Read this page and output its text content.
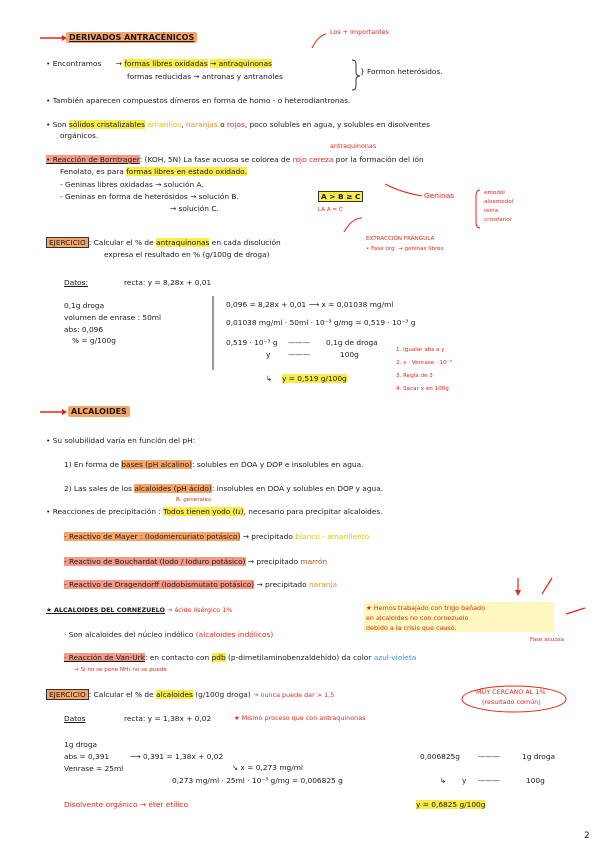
DERIVADOS ANTRACÉNICOS
Los + importantes
• Encontramos → formas libres oxidadas → antraquinonas
formas reducidas → antronas y antranoles
} Formon heterósidos.
• También aparecen compuestos dímeros en forma de homo - o heterodiantronas.
• Son sólidos cristalizables amarillos, naranjas o rojos, poco solubles en agua, y solubles en disolventes
orgánicos.
antraquinonas
• Reacción de Borntrager: (KOH, 5N) La fase acuosa se colorea de rojo cereza por la formación del ión
Fenolato, es para formas libres en estado oxidado.
- Geninas libres oxidadas → solución A.
- Geninas en forma de heterósidos → solución B.
→ solución C.
A > B ≥ C
LA A = C
Geninas	emodol
aloemodol
reina
crisofanol
EXTRACCIÓN FRÁNGULA
• Fase org. → geninas libres
EJERCICIO : Calcular el % de antraquinonas en cada disolución
expresa el resultado en % (g/100g de droga)
Datos:	recta: y = 8,28x + 0,01
0,1g droga
volumen de enrase : 50ml
abs: 0,096
% = g/100g
0,096 = 8,28x + 0,01 ⟶ x = 0,01038 mg/ml
0,01038 mg/ml · 50ml · 10⁻³ g/mg = 0,519 · 10⁻³ g
0,519 · 10⁻³ g ——— 0,1g de droga
y ———	100g
↳ y = 0,519 g/100g
1. Igualar abs a y
2. x · Venrase · 10⁻³
3. Regla de 3
4. Sacar x en 100g
ALCALOIDES
• Su solubilidad varía en función del pH:
1) En forma de bases (pH alcalino): solubles en DOA y DOP e insolubles en agua.
2) Las sales de los alcaloides (pH ácido): insolubles en DOA y solubles en DOP y agua.
R. generales
• Reacciones de precipitación : Todos tienen yodo (I₂), necesario para precipitar alcaloides.
- Reactivo de Mayer : (Iodomercuriato potásico) → precipitado blanco - amarillento
- Reactivo de Bouchardat (Iodo / Ioduro potásico) → precipitado marrón
- Reactivo de Dragendorff (Iodobismutato potásico) → precipitado naranja
★ ALCALOIDES DEL CORNEZUELO → ácido lisérgico 1%	★ Hemos trabajado con trigo bañado
en alcaloides no con cornezuelo
debido a la crisis que causó.
Fase acuosa
· Son alcaloides del núcleo indólico (alcaloides indólicos)
· Reacción de Van-Urk: en contacto con pdb (p-dimetilaminobenzaldehído) da color azul-violeta
→ Si no se pone NH₃ no se puede
EJERCICIO : Calcular el % de alcaloides (g/100g droga) → nunca puede dar > 1,5	MUY CERCANO AL 1%
(resultado común)
Datos	recta: y = 1,38x + 0,02	★ Mismo proceso que con antraquinonas
1g droga
abs = 0,391
Venrase = 25ml
⟶ 0,391 = 1,38x + 0,02
↘ x = 0,273 mg/ml
0,273 mg/ml · 25ml · 10⁻³ g/mg = 0,006825 g
Disolvente orgánico → éter etílico
0,006825g ———	1g droga
↳ y ———	100g
y = 0,6825 g/100g
2
